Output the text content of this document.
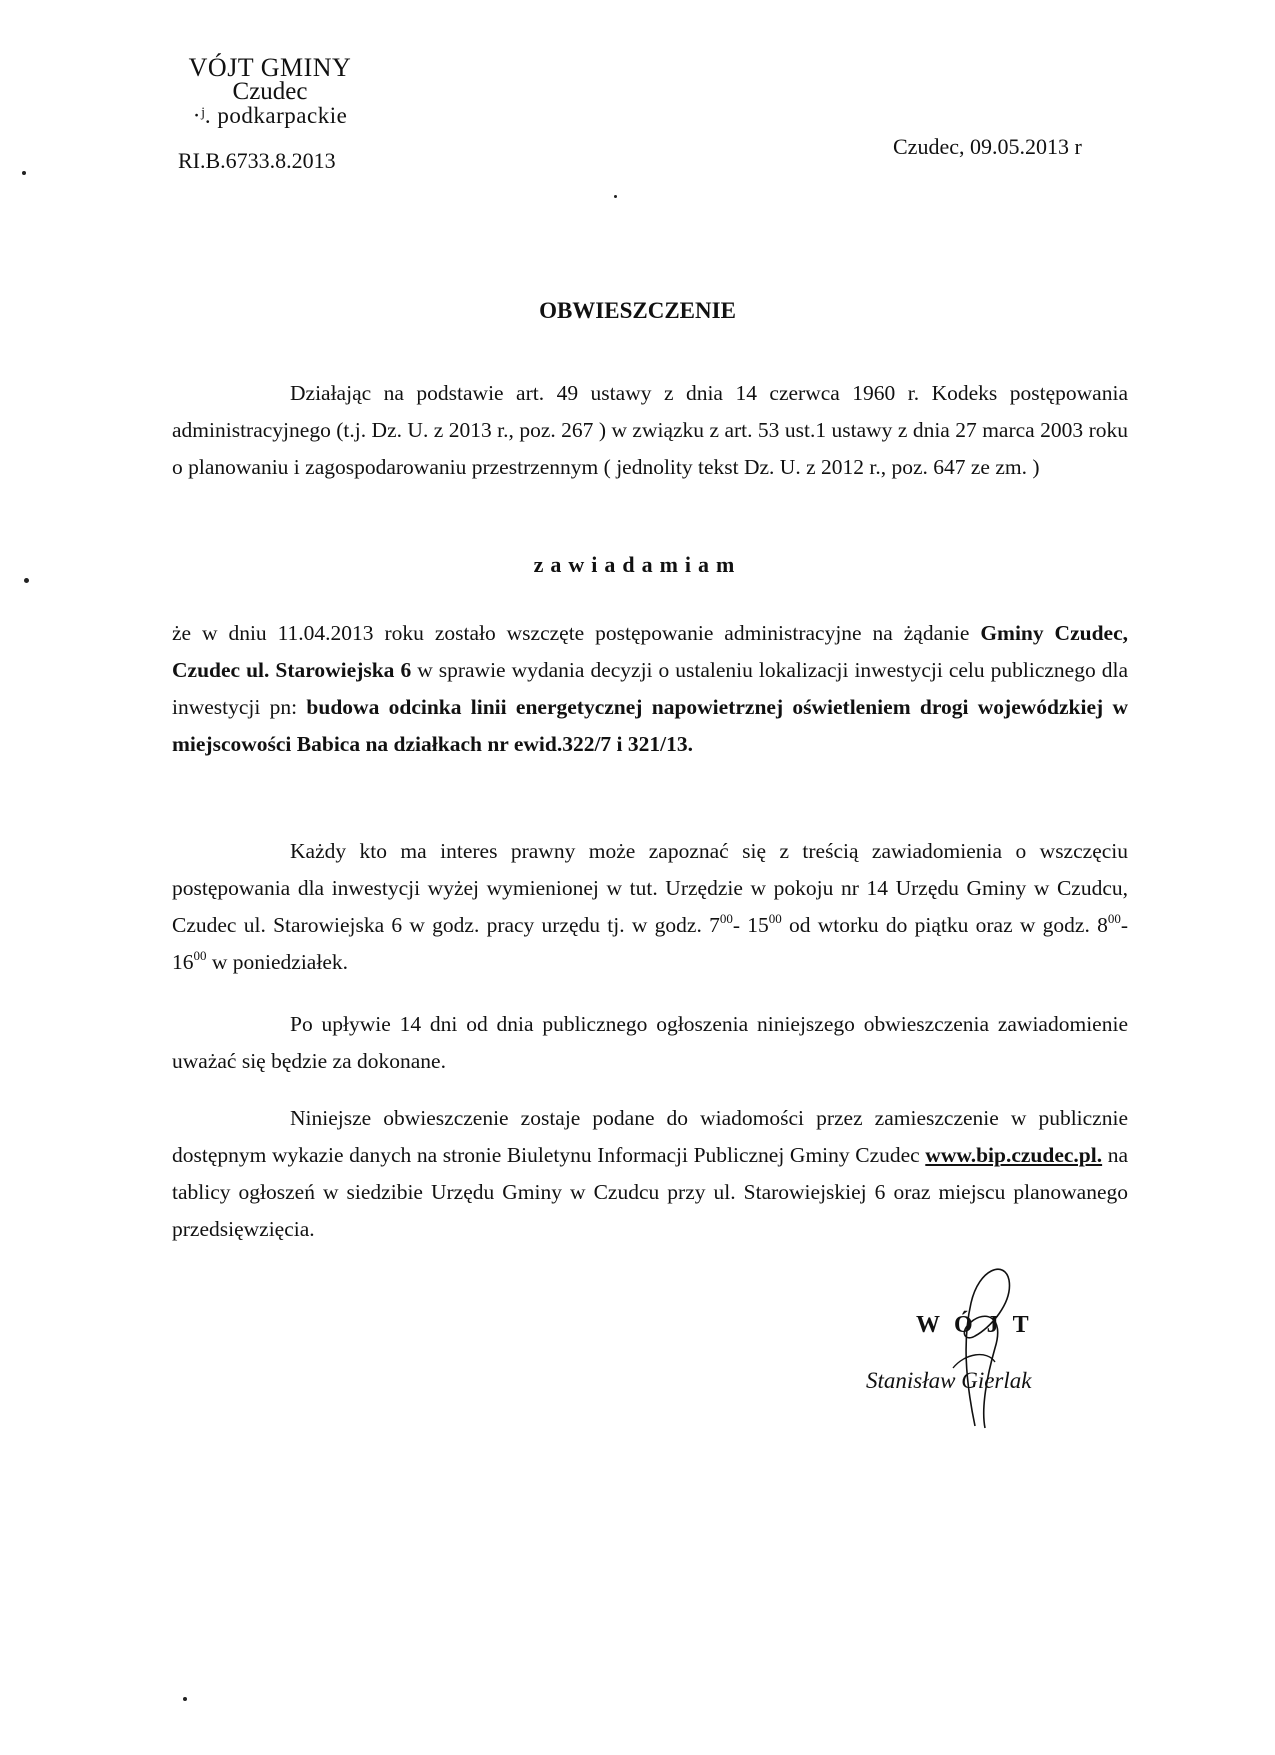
VÓJT GMINY
Czudec
·ʲ. podkarpackie
RI.B.6733.8.2013
Czudec, 09.05.2013 r
OBWIESZCZENIE
Działając na podstawie art. 49 ustawy z dnia 14 czerwca 1960 r. Kodeks postępowania administracyjnego (t.j. Dz. U. z 2013 r., poz. 267 ) w związku z art. 53 ust.1 ustawy z dnia 27 marca 2003 roku o planowaniu i zagospodarowaniu przestrzennym ( jednolity tekst Dz. U. z 2012 r., poz. 647 ze zm. )
zawiadamiam
że w dniu 11.04.2013 roku zostało wszczęte postępowanie administracyjne na żądanie Gminy Czudec, Czudec ul. Starowiejska 6 w sprawie wydania decyzji o ustaleniu lokalizacji inwestycji celu publicznego dla inwestycji pn: budowa odcinka linii energetycznej napowietrznej oświetleniem drogi wojewódzkiej w miejscowości Babica na działkach nr ewid.322/7 i 321/13.
Każdy kto ma interes prawny może zapoznać się z treścią zawiadomienia o wszczęciu postępowania dla inwestycji wyżej wymienionej w tut. Urzędzie w pokoju nr 14 Urzędu Gminy w Czudcu, Czudec ul. Starowiejska 6 w godz. pracy urzędu tj. w godz. $7^{00}-$ $15^{00}$ od wtorku do piątku oraz w godz. $8^{00}-$ $16^{00}$ w poniedziałek.
Po upływie 14 dni od dnia publicznego ogłoszenia niniejszego obwieszczenia zawiadomienie uważać się będzie za dokonane.
Niniejsze obwieszczenie zostaje podane do wiadomości przez zamieszczenie w publicznie dostępnym wykazie danych na stronie Biuletynu Informacji Publicznej Gminy Czudec www.bip.czudec.pl. na tablicy ogłoszeń w siedzibie Urzędu Gminy w Czudcu przy ul. Starowiejskiej 6 oraz miejscu planowanego przedsięwzięcia.
WÓJT
Stanisław Gierlak
